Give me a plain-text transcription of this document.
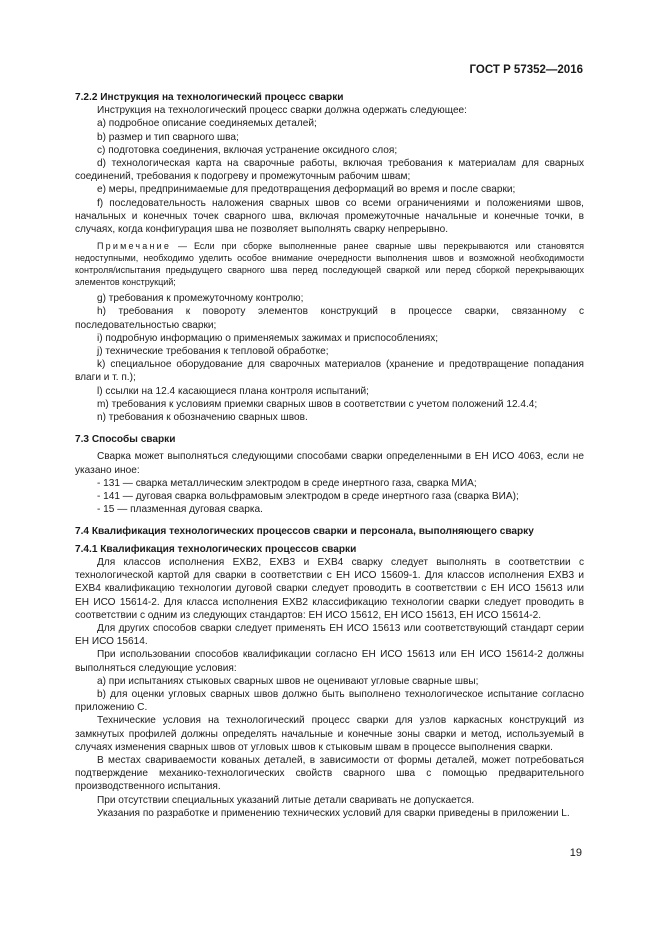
ГОСТ Р 57352—2016

7.2.2 Инструкция на технологический процесс сварки

Инструкция на технологический процесс сварки должна одержать следующее:

a) подробное описание соединяемых деталей;

b) размер и тип сварного шва;

c) подготовка соединения, включая устранение оксидного слоя;

d) технологическая карта на сварочные работы, включая требования к материалам для сварных соединений, требования к подогреву и промежуточным рабочим швам;

e) меры, предпринимаемые для предотвращения деформаций во время и после сварки;

f) последовательность наложения сварных швов со всеми ограничениями и положениями швов, начальных и конечных точек сварного шва, включая промежуточные начальные и конечные точки, в случаях, когда конфигурация шва не позволяет выполнять сварку непрерывно.

Примечание — Если при сборке выполненные ранее сварные швы перекрываются или становятся недоступными, необходимо уделить особое внимание очередности выполнения швов и возможной необходимости контроля/испытания предыдущего сварного шва перед последующей сваркой или перед сборкой перекрывающих элементов конструкций;

g) требования к промежуточному контролю;

h) требования к повороту элементов конструкций в процессе сварки, связанному с последовательностью сварки;

i) подробную информацию о применяемых зажимах и приспособлениях;

j) технические требования к тепловой обработке;

k) специальное оборудование для сварочных материалов (хранение и предотвращение попадания влаги и т. п.);

l) ссылки на 12.4 касающиеся плана контроля испытаний;

m) требования к условиям приемки сварных швов в соответствии с учетом положений 12.4.4;

n) требования к обозначению сварных швов.

7.3 Способы сварки

Сварка может выполняться следующими способами сварки определенными в ЕН ИСО 4063, если не указано иное:

- 131 — сварка металлическим электродом в среде инертного газа, сварка МИА;

- 141 — дуговая сварка вольфрамовым электродом в среде инертного газа (сварка ВИА);

- 15 — плазменная дуговая сварка.

7.4 Квалификация технологических процессов сварки и персонала, выполняющего сварку

7.4.1 Квалификация технологических процессов сварки

Для классов исполнения ЕХВ2, ЕХВ3 и ЕХВ4 сварку следует выполнять в соответствии с технологической картой для сварки в соответствии с ЕН ИСО 15609-1. Для классов исполнения ЕХВ3 и ЕХВ4 квалификацию технологии дуговой сварки следует проводить в соответствии с ЕН ИСО 15613 или ЕН ИСО 15614-2. Для класса исполнения ЕХВ2 классификацию технологии сварки следует проводить в соответствии с одним из следующих стандартов: ЕН ИСО 15612, ЕН ИСО 15613, ЕН ИСО 15614-2.

Для других способов сварки следует применять ЕН ИСО 15613 или соответствующий стандарт серии ЕН ИСО 15614.

При использовании способов квалификации согласно ЕН ИСО 15613 или ЕН ИСО 15614-2 должны выполняться следующие условия:

a) при испытаниях стыковых сварных швов не оценивают угловые сварные швы;

b) для оценки угловых сварных швов должно быть выполнено технологическое испытание согласно приложению С.

Технические условия на технологический процесс сварки для узлов каркасных конструкций из замкнутых профилей должны определять начальные и конечные зоны сварки и метод, используемый в случаях изменения сварных швов от угловых швов к стыковым швам в процессе выполнения сварки.

В местах свариваемости кованых деталей, в зависимости от формы деталей, может потребоваться подтверждение механико-технологических свойств сварного шва с помощью предварительного производственного испытания.

При отсутствии специальных указаний литые детали сваривать не допускается.

Указания по разработке и применению технических условий для сварки приведены в приложении L.

19
